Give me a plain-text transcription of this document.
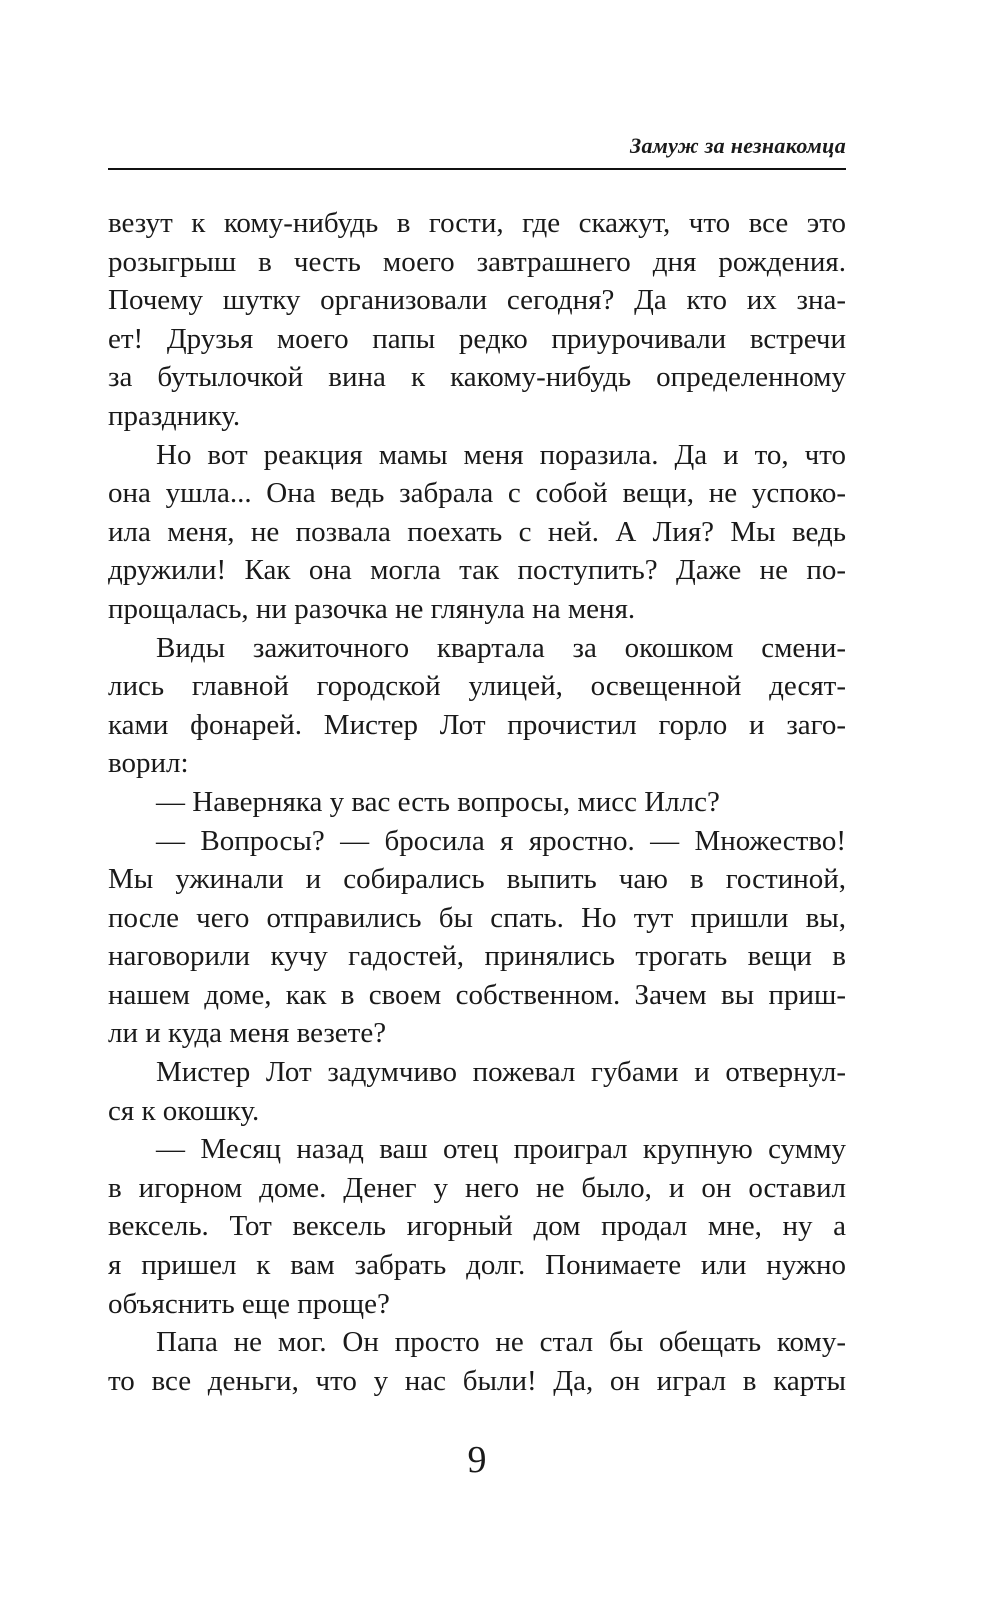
Замуж за незнакомца
везут к кому-нибудь в гости, где скажут, что все это
розыгрыш в честь моего завтрашнего дня рождения.
Почему шутку организовали сегодня? Да кто их зна-
ет! Друзья моего папы редко приурочивали встречи
за бутылочкой вина к какому-нибудь определенному
празднику.
Но вот реакция мамы меня поразила. Да и то, что
она ушла... Она ведь забрала с собой вещи, не успоко-
ила меня, не позвала поехать с ней. А Лия? Мы ведь
дружили! Как она могла так поступить? Даже не по-
прощалась, ни разочка не глянула на меня.
Виды зажиточного квартала за окошком смени-
лись главной городской улицей, освещенной десят-
ками фонарей. Мистер Лот прочистил горло и заго-
ворил:
— Наверняка у вас есть вопросы, мисс Иллс?
— Вопросы? — бросила я яростно. — Множество!
Мы ужинали и собирались выпить чаю в гостиной,
после чего отправились бы спать. Но тут пришли вы,
наговорили кучу гадостей, принялись трогать вещи в
нашем доме, как в своем собственном. Зачем вы приш-
ли и куда меня везете?
Мистер Лот задумчиво пожевал губами и отвернул-
ся к окошку.
— Месяц назад ваш отец проиграл крупную сумму
в игорном доме. Денег у него не было, и он оставил
вексель. Тот вексель игорный дом продал мне, ну а
я пришел к вам забрать долг. Понимаете или нужно
объяснить еще проще?
Папа не мог. Он просто не стал бы обещать кому-
то все деньги, что у нас были! Да, он играл в карты
9
